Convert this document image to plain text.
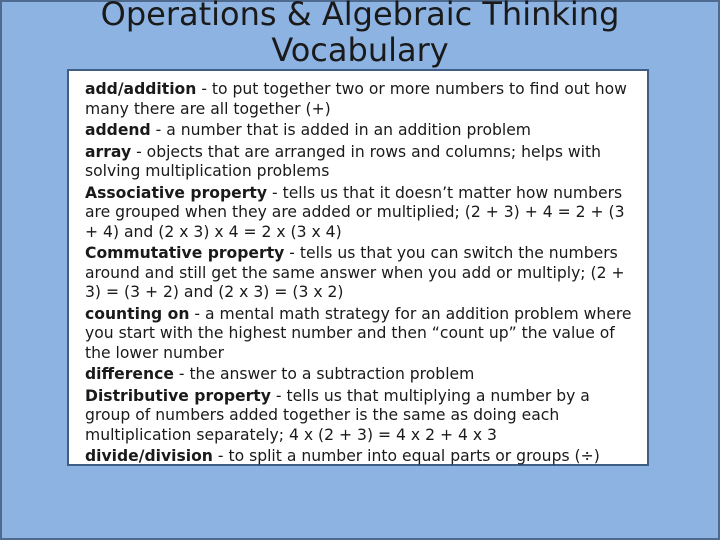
Operations & Algebraic Thinking
Vocabulary

add/addition - to put together two or more numbers to find out how many there are all together (+)

addend - a number that is added in an addition problem

array - objects that are arranged in rows and columns; helps with solving multiplication problems

Associative property - tells us that it doesn’t matter how numbers are grouped when they are added or multiplied; (2 + 3) + 4 = 2 + (3 + 4) and (2 x 3) x 4 = 2 x (3 x 4)

Commutative property - tells us that you can switch the numbers around and still get the same answer when you add or multiply; (2 + 3) = (3 + 2) and (2 x 3) = (3 x 2)

counting on - a mental math strategy for an addition problem where you start with the highest number and then “count up” the value of the lower number

difference - the answer to a subtraction problem

Distributive property - tells us that multiplying a number by a group of numbers added together is the same as doing each multiplication separately; 4 x (2 + 3) = 4 x 2 + 4 x 3

divide/division - to split a number into equal parts or groups (÷)
